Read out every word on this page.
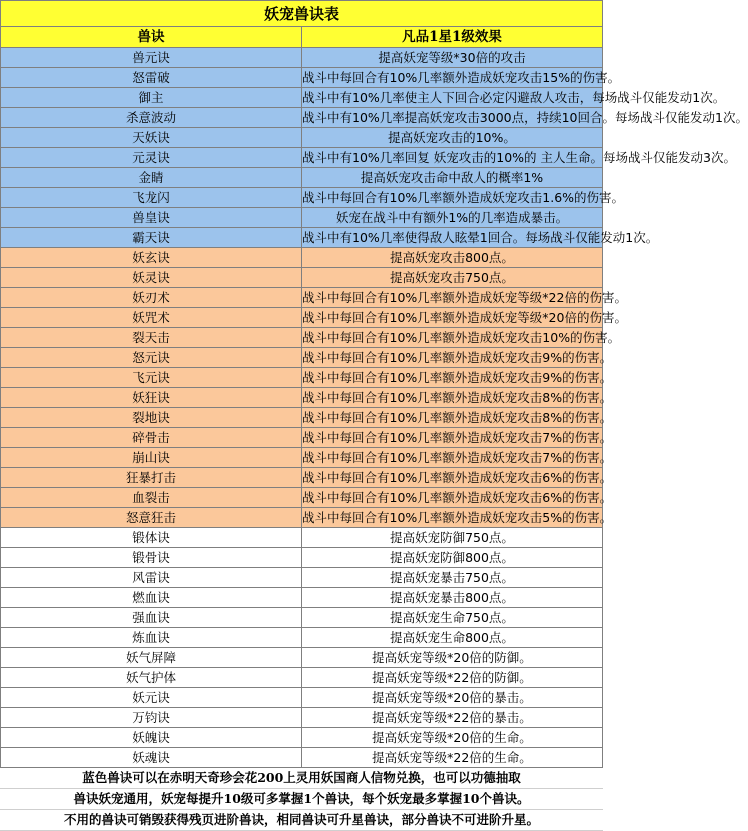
妖宠兽诀表	
兽诀	凡品1星1级效果
兽元诀	提高妖宠等级*30倍的攻击
怒雷破	战斗中每回合有10%几率额外造成妖宠攻击15%的伤害。
御主	战斗中有10%几率使主人下回合必定闪避敌人攻击，每场战斗仅能发动1次。
杀意波动	战斗中有10%几率提高妖宠攻击3000点，持续10回合。每场战斗仅能发动1次。
天妖诀	提高妖宠攻击的10%。
元灵诀	战斗中有10%几率回复 妖宠攻击的10%的 主人生命。每场战斗仅能发动3次。
金睛	提高妖宠攻击命中敌人的概率1%
飞龙闪	战斗中每回合有10%几率额外造成妖宠攻击1.6%的伤害。
兽皇诀	妖宠在战斗中有额外1%的几率造成暴击。
霸天诀	战斗中有10%几率使得敌人眩晕1回合。每场战斗仅能发动1次。
妖玄诀	提高妖宠攻击800点。
妖灵诀	提高妖宠攻击750点。
妖刃术	战斗中每回合有10%几率额外造成妖宠等级*22倍的伤害。
妖咒术	战斗中每回合有10%几率额外造成妖宠等级*20倍的伤害。
裂天击	战斗中每回合有10%几率额外造成妖宠攻击10%的伤害。
怒元诀	战斗中每回合有10%几率额外造成妖宠攻击9%的伤害。
飞元诀	战斗中每回合有10%几率额外造成妖宠攻击9%的伤害。
妖狂诀	战斗中每回合有10%几率额外造成妖宠攻击8%的伤害。
裂地诀	战斗中每回合有10%几率额外造成妖宠攻击8%的伤害。
碎骨击	战斗中每回合有10%几率额外造成妖宠攻击7%的伤害。
崩山诀	战斗中每回合有10%几率额外造成妖宠攻击7%的伤害。
狂暴打击	战斗中每回合有10%几率额外造成妖宠攻击6%的伤害。
血裂击	战斗中每回合有10%几率额外造成妖宠攻击6%的伤害。
怒意狂击	战斗中每回合有10%几率额外造成妖宠攻击5%的伤害。
锻体诀	提高妖宠防御750点。
锻骨诀	提高妖宠防御800点。
风雷诀	提高妖宠暴击750点。
燃血诀	提高妖宠暴击800点。
强血诀	提高妖宠生命750点。
炼血诀	提高妖宠生命800点。
妖气屏障	提高妖宠等级*20倍的防御。
妖气护体	提高妖宠等级*22倍的防御。
妖元诀	提高妖宠等级*20倍的暴击。
万钧诀	提高妖宠等级*22倍的暴击。
妖魄诀	提高妖宠等级*20倍的生命。
妖魂诀	提高妖宠等级*22倍的生命。
蓝色兽诀可以在赤明天奇珍会花200上灵用妖国商人信物兑换，也可以功德抽取
兽诀妖宠通用，妖宠每提升10级可多掌握1个兽诀，每个妖宠最多掌握10个兽诀。
不用的兽诀可销毁获得残页进阶兽诀，相同兽诀可升星兽诀，部分兽诀不可进阶升星。
